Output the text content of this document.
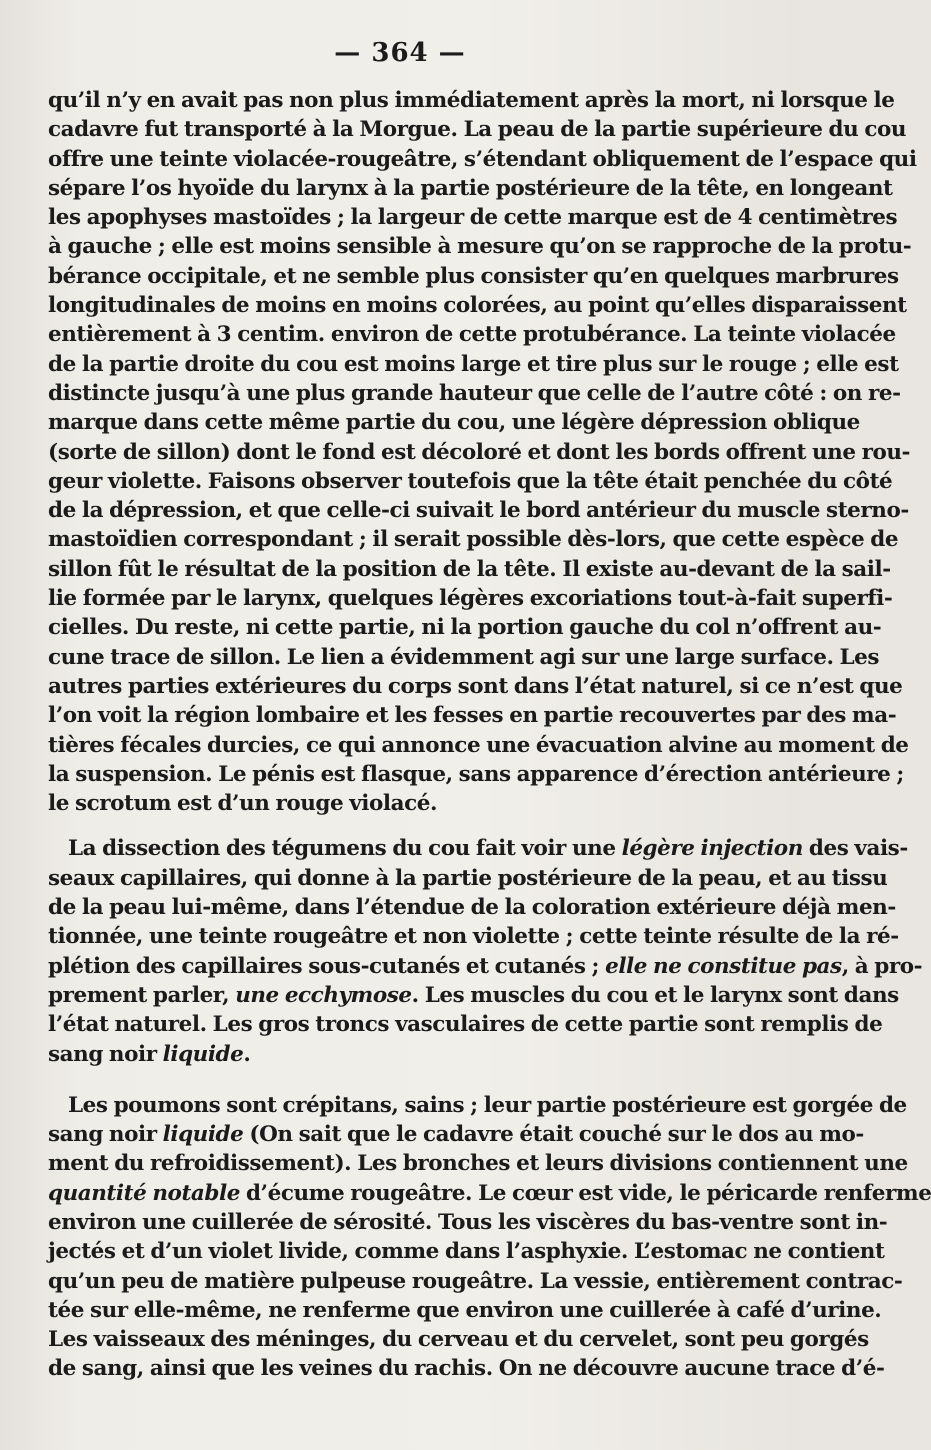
— 364 —
qu’il n’y en avait pas non plus immédiatement après la mort, ni lorsque le
cadavre fut transporté à la Morgue. La peau de la partie supérieure du cou
offre une teinte violacée-rougeâtre, s’étendant obliquement de l’espace qui
sépare l’os hyoïde du larynx à la partie postérieure de la tête, en longeant
les apophyses mastoïdes ; la largeur de cette marque est de 4 centimètres
à gauche ; elle est moins sensible à mesure qu’on se rapproche de la protu-
bérance occipitale, et ne semble plus consister qu’en quelques marbrures
longitudinales de moins en moins colorées, au point qu’elles disparaissent
entièrement à 3 centim. environ de cette protubérance. La teinte violacée
de la partie droite du cou est moins large et tire plus sur le rouge ; elle est
distincte jusqu’à une plus grande hauteur que celle de l’autre côté : on re-
marque dans cette même partie du cou, une légère dépression oblique
(sorte de sillon) dont le fond est décoloré et dont les bords offrent une rou-
geur violette. Faisons observer toutefois que la tête était penchée du côté
de la dépression, et que celle-ci suivait le bord antérieur du muscle sterno-
mastoïdien correspondant ; il serait possible dès-lors, que cette espèce de
sillon fût le résultat de la position de la tête. Il existe au-devant de la sail-
lie formée par le larynx, quelques légères excoriations tout-à-fait superfi-
cielles. Du reste, ni cette partie, ni la portion gauche du col n’offrent au-
cune trace de sillon. Le lien a évidemment agi sur une large surface. Les
autres parties extérieures du corps sont dans l’état naturel, si ce n’est que
l’on voit la région lombaire et les fesses en partie recouvertes par des ma-
tières fécales durcies, ce qui annonce une évacuation alvine au moment de
la suspension. Le pénis est flasque, sans apparence d’érection antérieure ;
le scrotum est d’un rouge violacé.
La dissection des tégumens du cou fait voir une légère injection des vais-
seaux capillaires, qui donne à la partie postérieure de la peau, et au tissu
de la peau lui-même, dans l’étendue de la coloration extérieure déjà men-
tionnée, une teinte rougeâtre et non violette ; cette teinte résulte de la ré-
plétion des capillaires sous-cutanés et cutanés ; elle ne constitue pas, à pro-
prement parler, une ecchymose. Les muscles du cou et le larynx sont dans
l’état naturel. Les gros troncs vasculaires de cette partie sont remplis de
sang noir liquide.
Les poumons sont crépitans, sains ; leur partie postérieure est gorgée de
sang noir liquide (On sait que le cadavre était couché sur le dos au mo-
ment du refroidissement). Les bronches et leurs divisions contiennent une
quantité notable d’écume rougeâtre. Le cœur est vide, le péricarde renferme
environ une cuillerée de sérosité. Tous les viscères du bas-ventre sont in-
jectés et d’un violet livide, comme dans l’asphyxie. L’estomac ne contient
qu’un peu de matière pulpeuse rougeâtre. La vessie, entièrement contrac-
tée sur elle-même, ne renferme que environ une cuillerée à café d’urine.
Les vaisseaux des méninges, du cerveau et du cervelet, sont peu gorgés
de sang, ainsi que les veines du rachis. On ne découvre aucune trace d’é-
